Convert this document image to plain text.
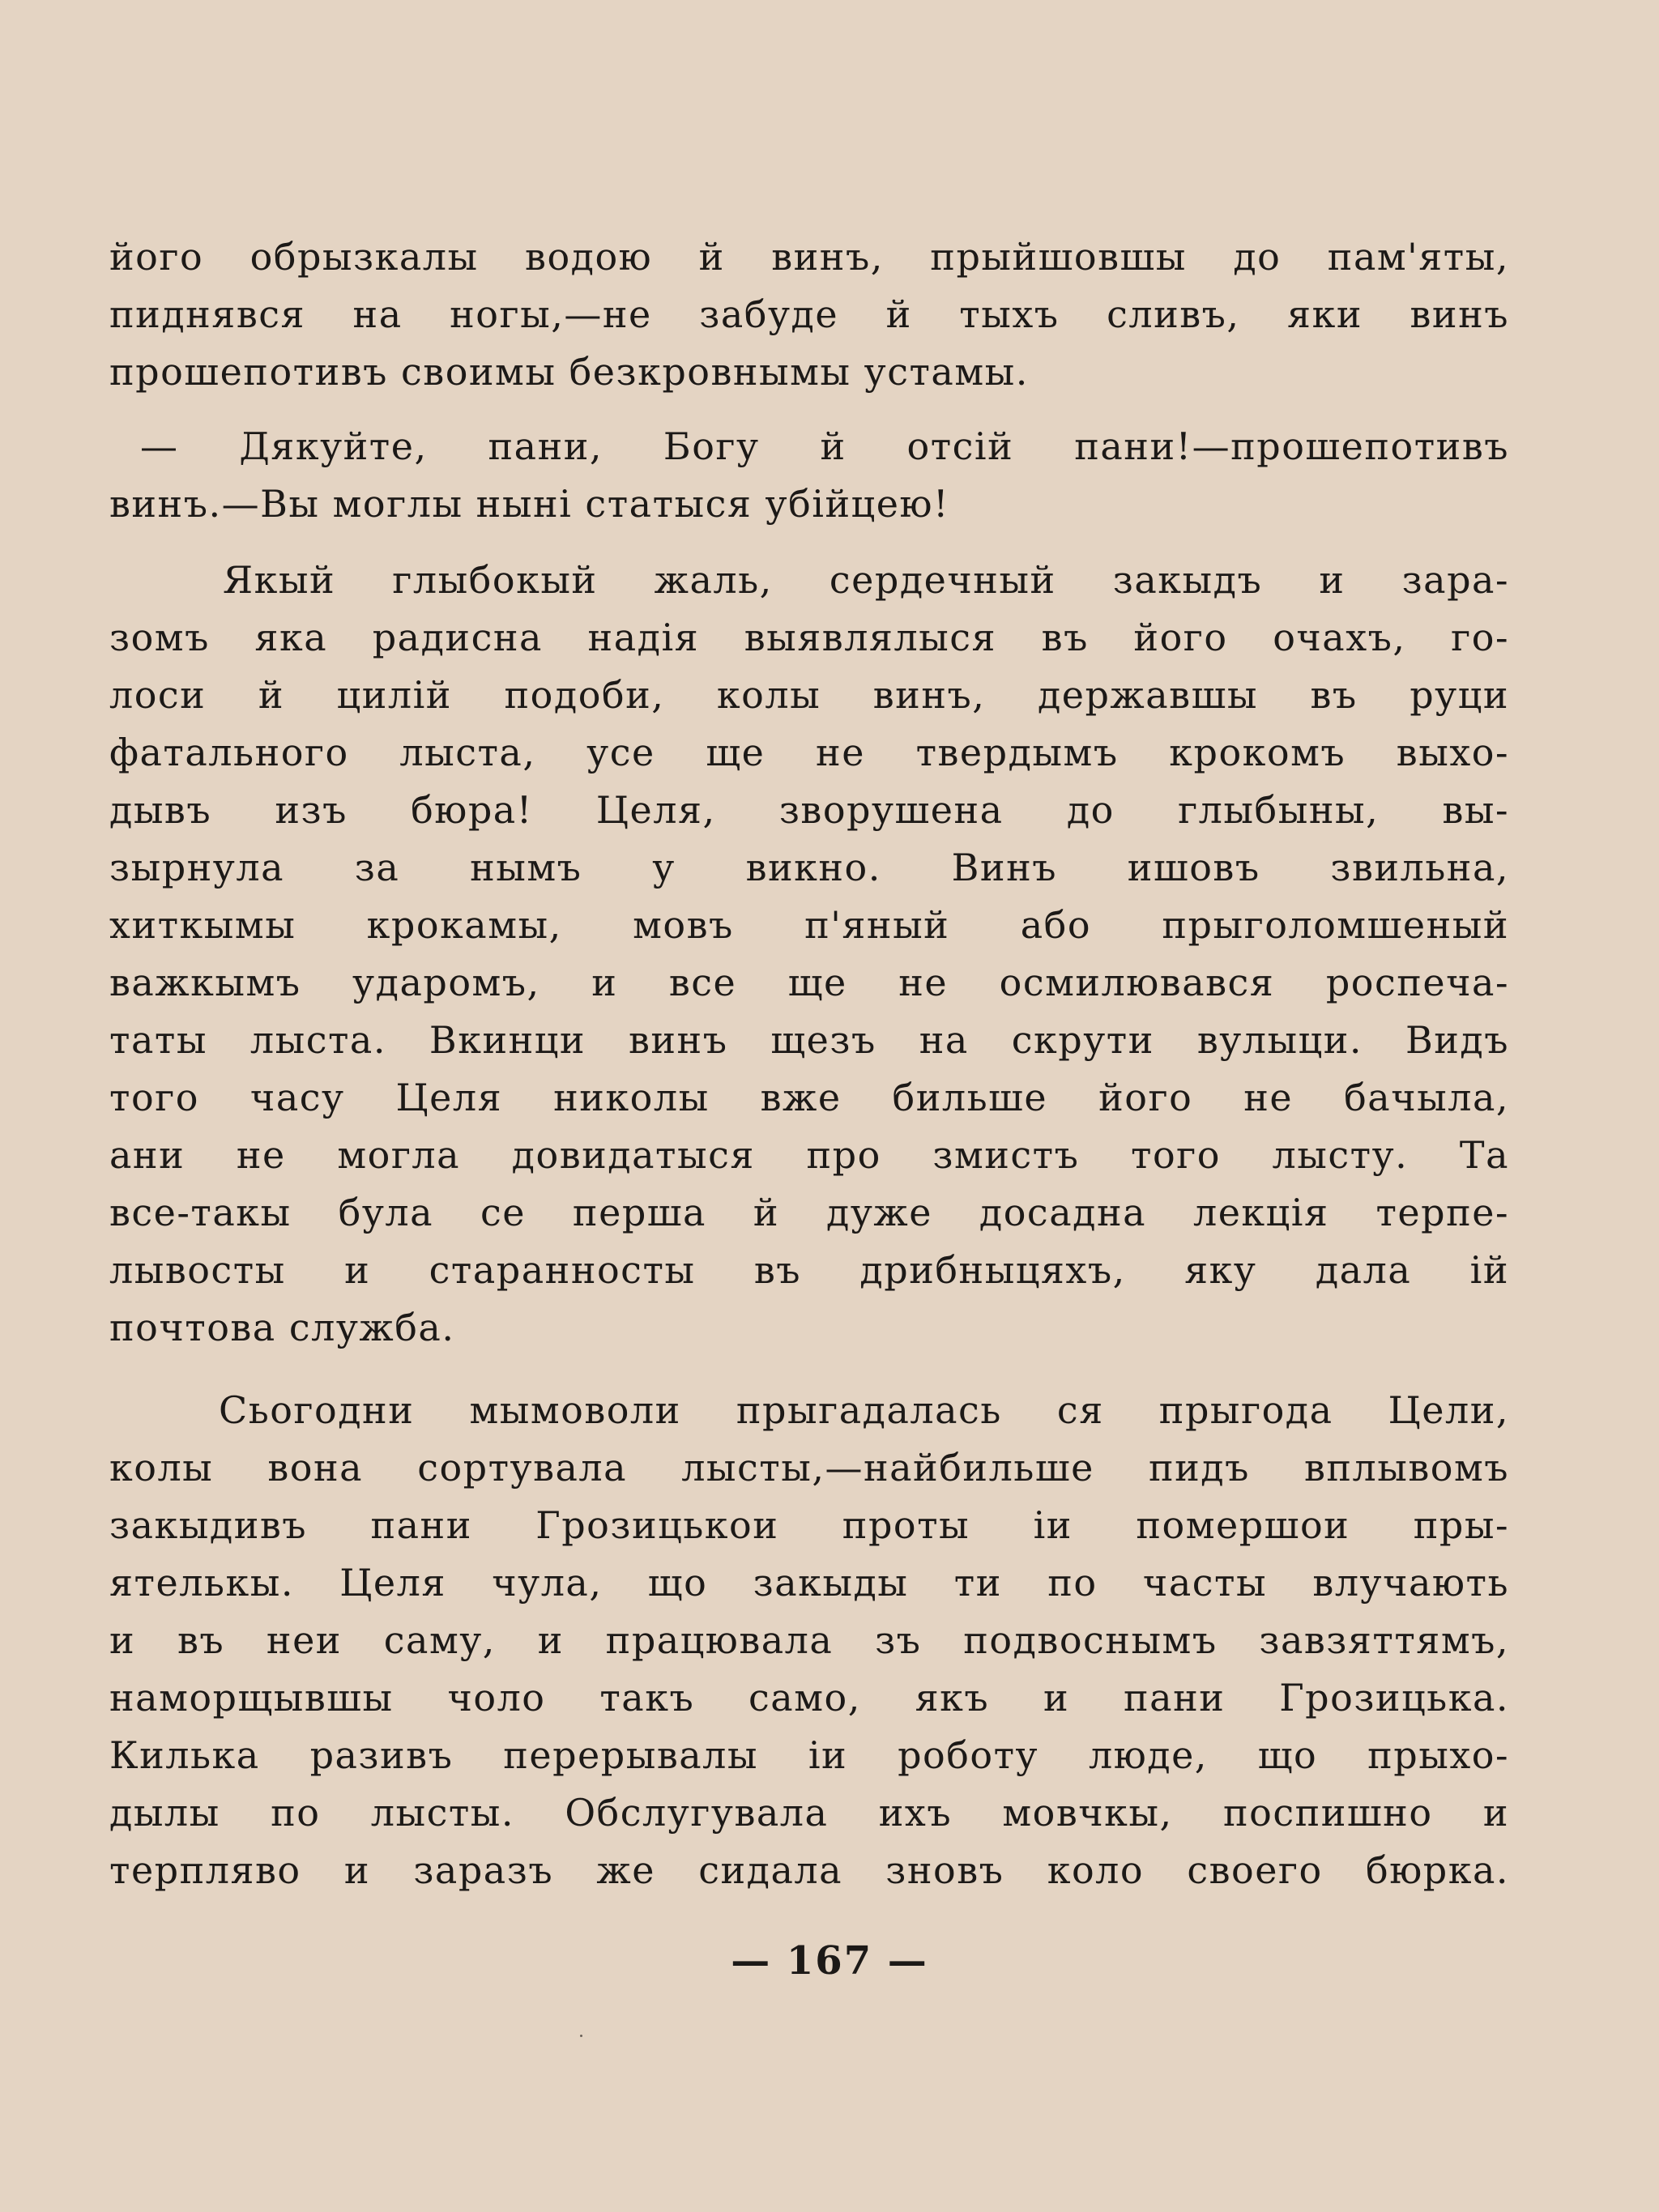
його обрызкалы водою й винъ, прыйшовшы до пам'яты,
пиднявся на ногы,—не забуде й тыхъ сливъ, яки винъ
прошепотивъ своимы безкровнымы устамы.
— Дякуйте, пани, Богу й отсій пани!—прошепотивъ
винъ.—Вы моглы нынi статыся убійцею!
Якый глыбокый жаль, сердечный закыдъ и зара-
зомъ яка радисна надія выявлялыся въ його очахъ, го-
лоси й цилій подоби, колы винъ, державшы въ руци
фатального лыста, усе ще не твердымъ крокомъ выхо-
дывъ изъ бюра! Целя, зворушена до глыбыны, вы-
зырнула за нымъ у викно. Винъ ишовъ звильна,
хиткымы крокамы, мовъ п'яный або прыголомшеный
важкымъ ударомъ, и все ще не осмилювався роспеча-
таты лыста. Вкинци винъ щезъ на скрути вулыци. Видъ
того часу Целя николы вже бильше його не бачыла,
ани не могла довидатыся про змистъ того лысту. Та
все-такы була се перша й дуже досадна лекція терпе-
лывосты и старанносты въ дрибныцяхъ, яку дала ій
почтова служба.
Сьогодни мымоволи прыгадалась ся прыгода Цели,
колы вона сортувала лысты,—найбильше пидъ вплывомъ
закыдивъ пани Грозицькои проты іи помершои пры-
ятелькы. Целя чула, що закыды ти по часты влучають
и въ неи саму, и працювала зъ подвоснымъ завзяттямъ,
наморщывшы чоло такъ само, якъ и пани Грозицька.
Килька разивъ перерывалы іи роботу люде, що прыхо-
дылы по лысты. Обслугувала ихъ мовчкы, поспишно и
терпляво и заразъ же сидала зновъ коло своего бюрка.
— 167 —
